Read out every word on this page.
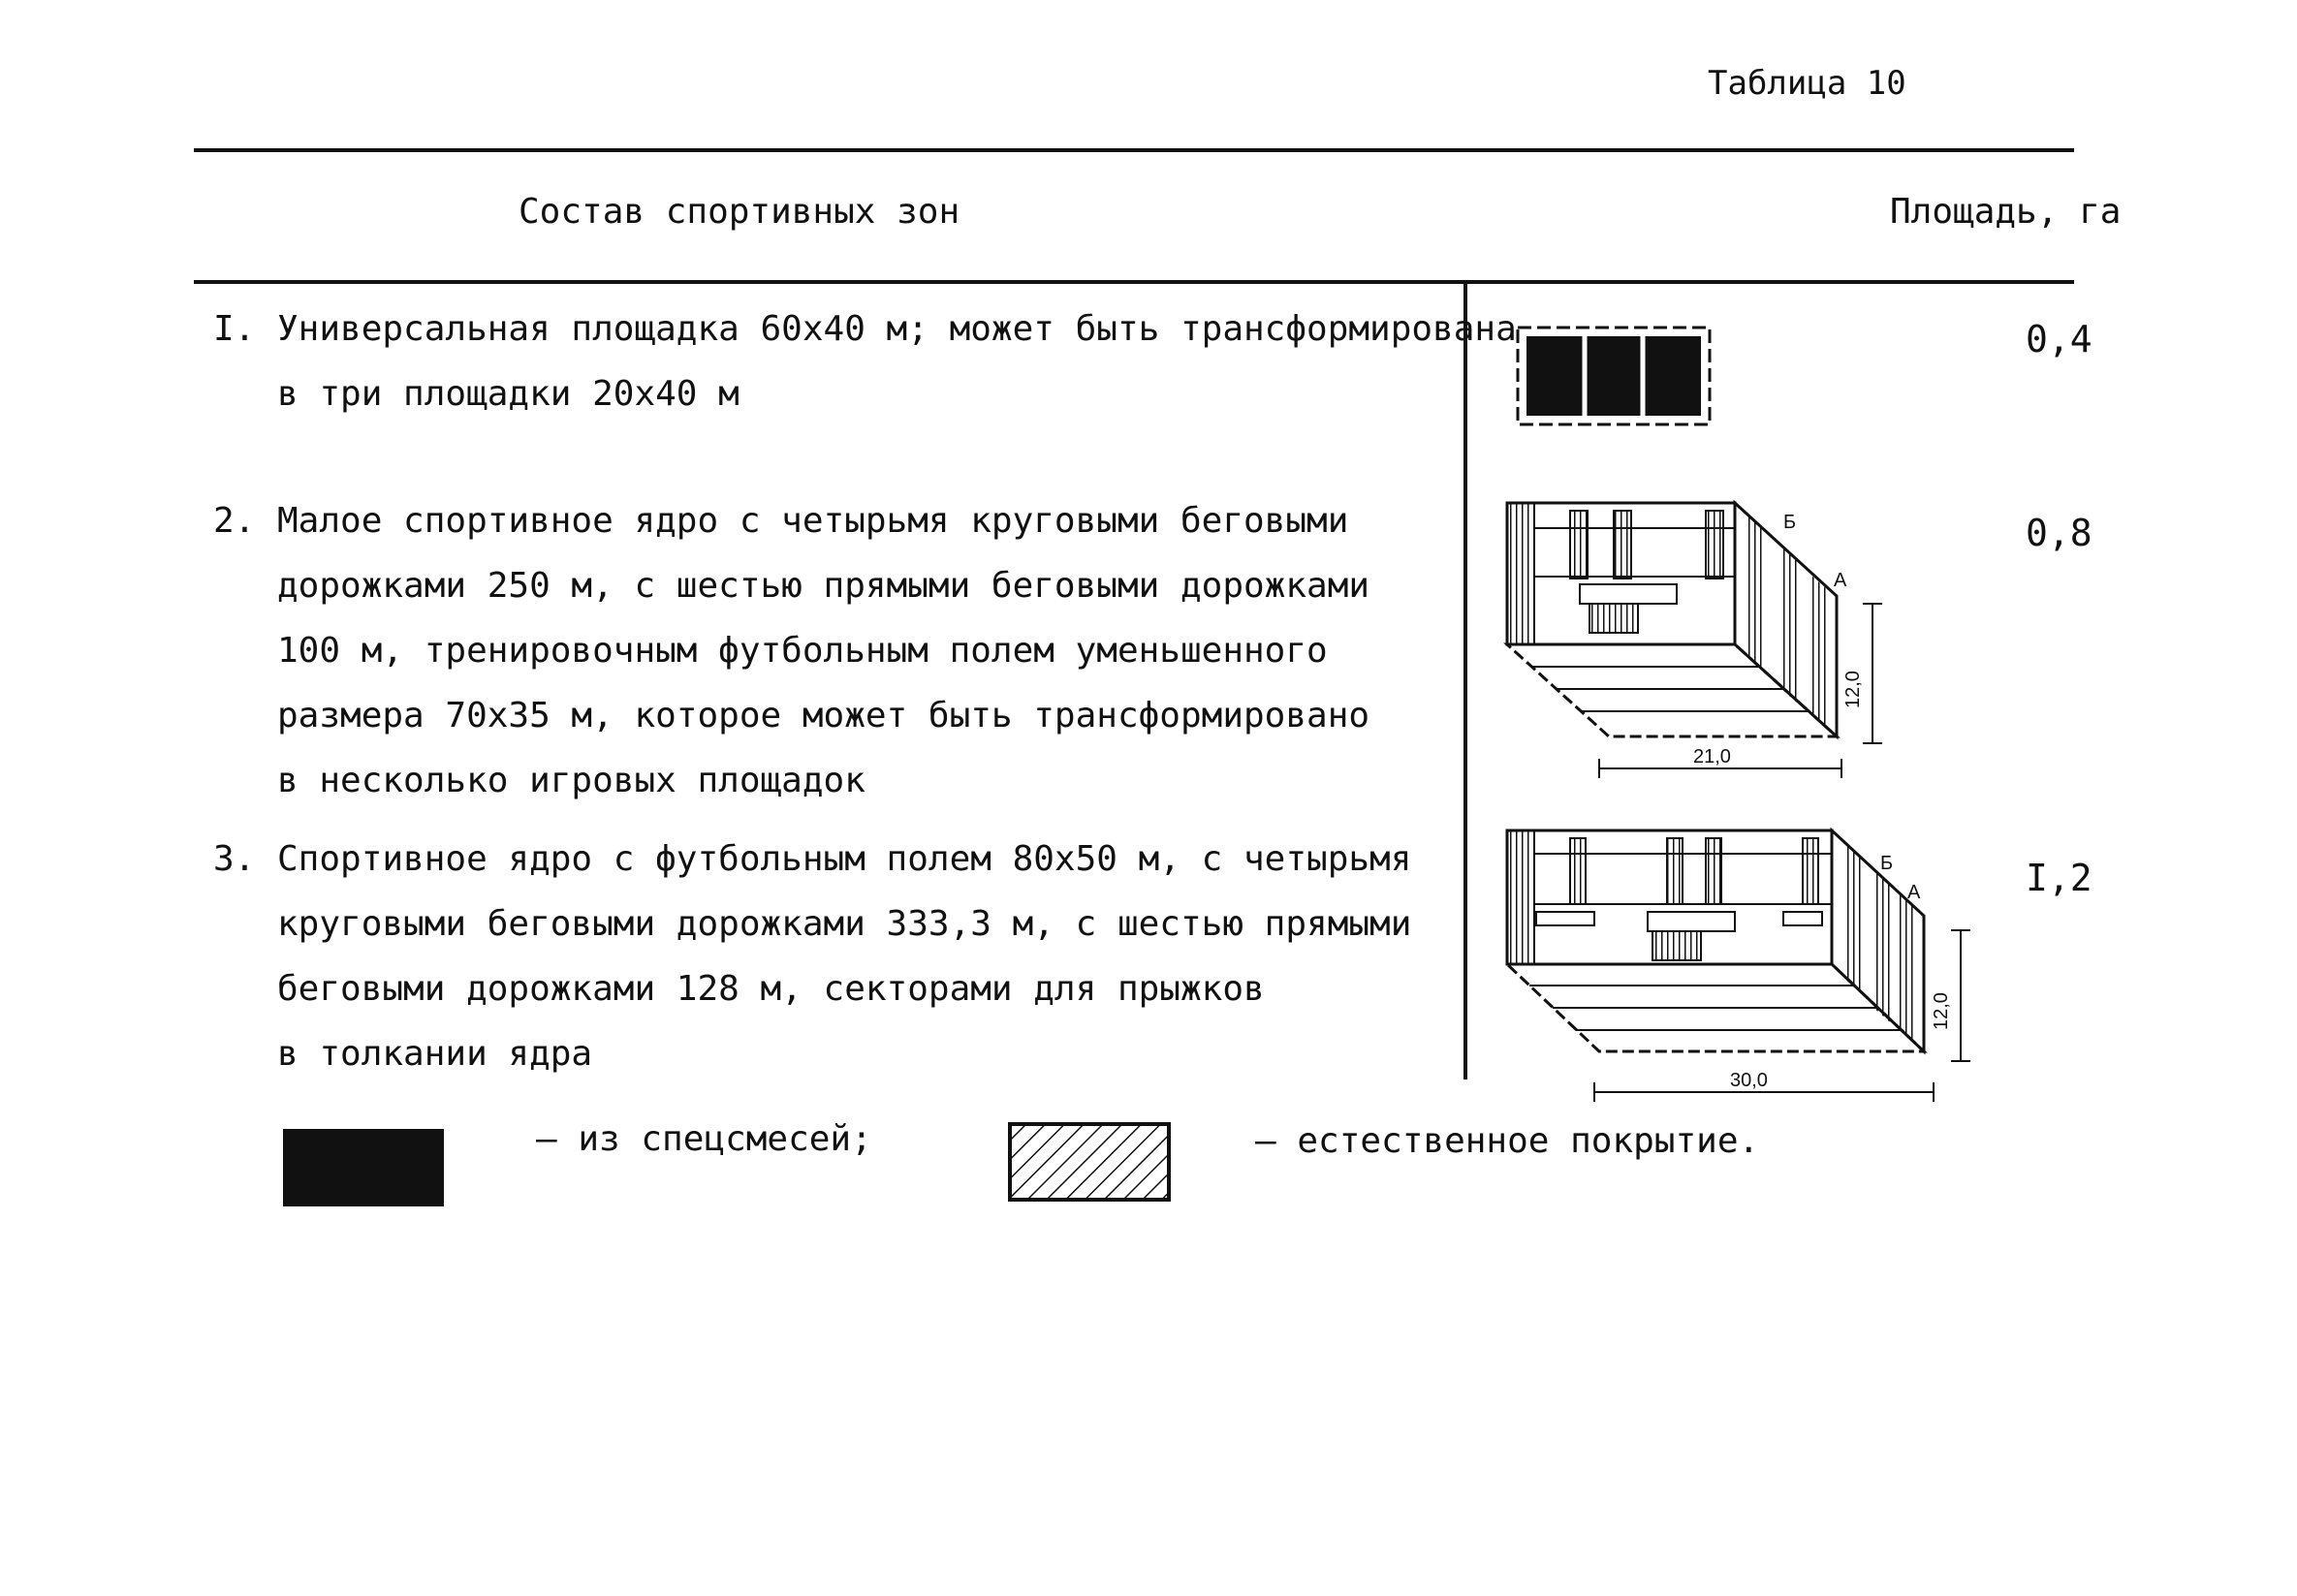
Таблица 10
Состав спортивных зон	Площадь, га
I. Универсальная площадка 60х40 м; может быть трансформирована
в три площадки 20х40 м
0,4
2. Малое спортивное ядро с четырьмя круговыми беговыми
дорожками 250 м, с шестью прямыми беговыми дорожками
100 м, тренировочным футбольным полем уменьшенного
размера 70х35 м, которое может быть трансформировано
в несколько игровых площадок
0,8
Б
А
12,0
21,0
3. Спортивное ядро с футбольным полем 80х50 м, с четырьмя
круговыми беговыми дорожками 333,3 м, с шестью прямыми
беговыми дорожками 128 м, секторами для прыжков
в толкании ядра
I,2
Б
А
12,0
30,0
– из спецсмесей;	– естественное покрытие.
